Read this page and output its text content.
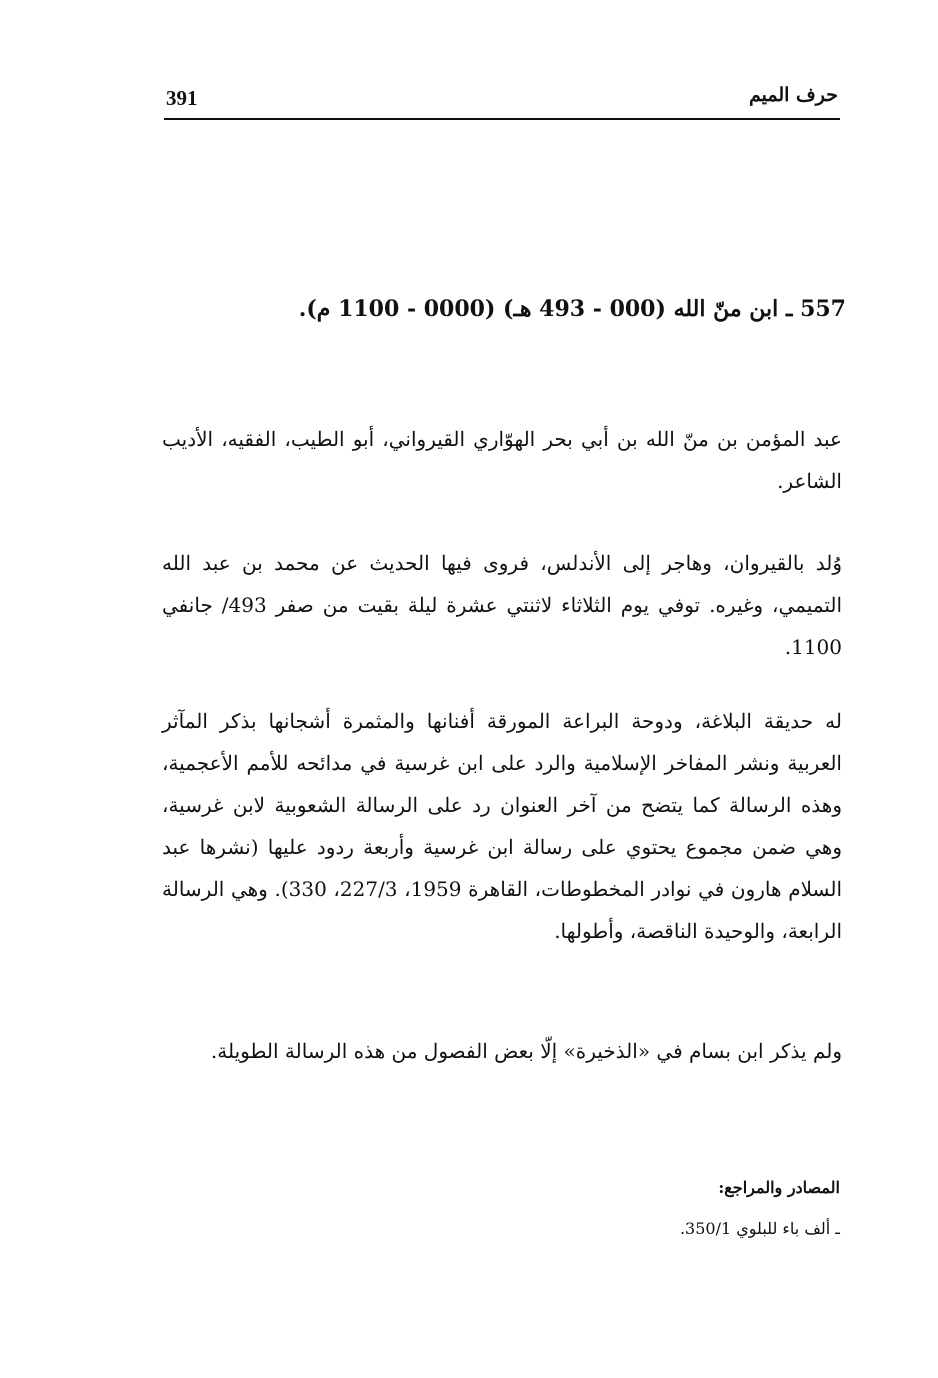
391	حرف الميم
557 ـ ابن منّ الله (000 - 493 هـ) (0000 - 1100 م).

عبد المؤمن بن منّ الله بن أبي بحر الهوّاري القيرواني، أبو الطيب، الفقيه، الأديب الشاعر.

وُلد بالقيروان، وهاجر إلى الأندلس، فروى فيها الحديث عن محمد بن عبد الله التميمي، وغيره. توفي يوم الثلاثاء لاثنتي عشرة ليلة بقيت من صفر 493/ جانفي 1100.

له حديقة البلاغة، ودوحة البراعة المورقة أفنانها والمثمرة أشجانها بذكر المآثر العربية ونشر المفاخر الإسلامية والرد على ابن غرسية في مدائحه للأمم الأعجمية، وهذه الرسالة كما يتضح من آخر العنوان رد على الرسالة الشعوبية لابن غرسية، وهي ضمن مجموع يحتوي على رسالة ابن غرسية وأربعة ردود عليها (نشرها عبد السلام هارون في نوادر المخطوطات، القاهرة 1959، 227/3، 330). وهي الرسالة الرابعة، والوحيدة الناقصة، وأطولها.

ولم يذكر ابن بسام في «الذخيرة» إلّا بعض الفصول من هذه الرسالة الطويلة.

المصادر والمراجع:
ـ ألف باء للبلوي 350/1.
